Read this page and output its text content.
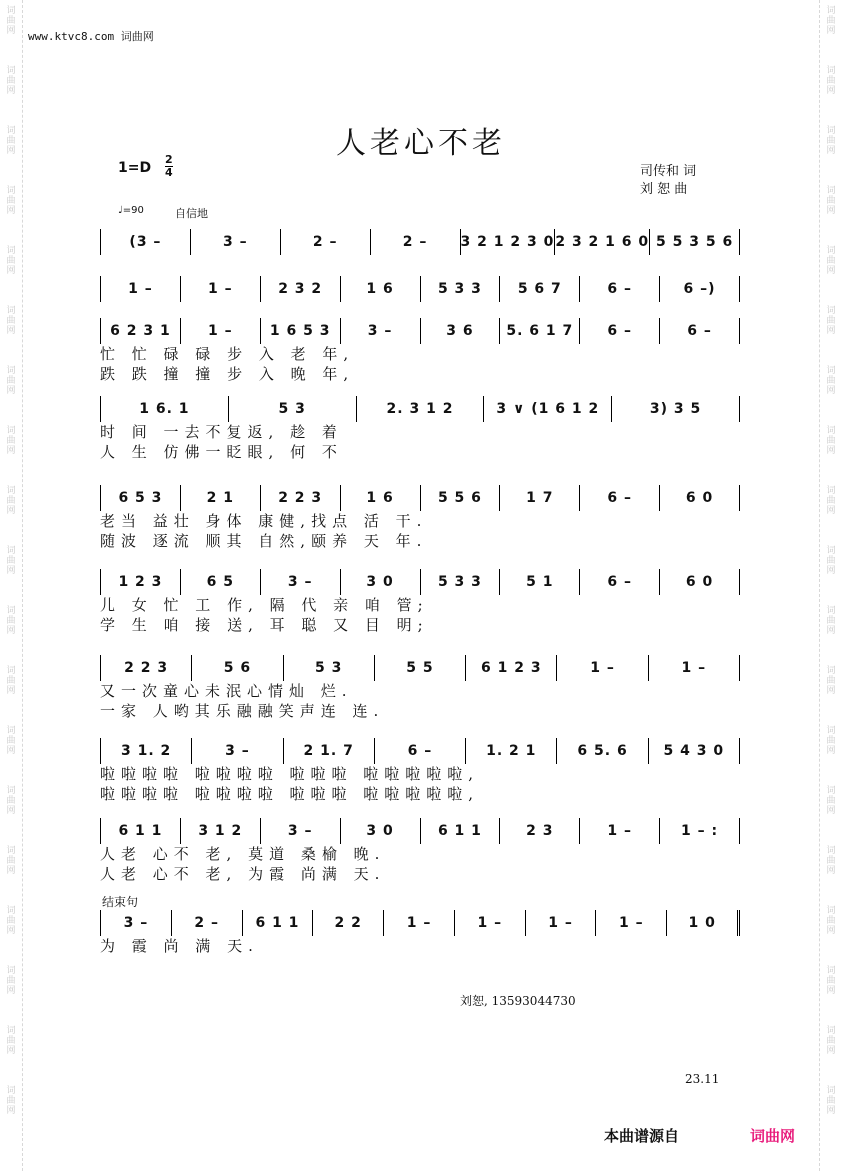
词
曲
网
词
曲
网
词
曲
网
词
曲
网
词
曲
网
词
曲
网
词
曲
网
词
曲
网
词
曲
网
词
曲
网
词
曲
网
词
曲
网
词
曲
网
词
曲
网
词
曲
网
词
曲
网
词
曲
网
词
曲
网
词
曲
网
词
曲
网
词
曲
网
词
曲
网
词
曲
网
词
曲
网
词
曲
网
词
曲
网
词
曲
网
词
曲
网
词
曲
网
词
曲
网
词
曲
网
词
曲
网
词
曲
网
词
曲
网
词
曲
网
词
曲
网
词
曲
网
词
曲
网
www.ktvc8.com 词曲网
人老心不老
1=D
2
4	司传和 词
刘 恕 曲
♩=90	自信地
(3 –	3 –	2 –	2 –	3 2 1 2 3 0 2 3 2 1 6 0 5 5 3 5 6
1 –	1 –	2 3 2	1 6	5 3 3	5 6 7	6 –	6 –)
6 2 3 1	1 –	1 6 5 3	3 –	3 6	5. 6 1 7	6 –	6 –
忙 忙 碌 碌 步 入 老 年,
跌 跌 撞 撞 步 入 晚 年,
1 6. 1	5 3	2. 3 1 2	3 ∨ (1 6 1 2	3) 3 5
时 间 一去不复返, 趁 着
人 生 仿佛一眨眼, 何 不
6 5 3	2 1	2 2 3	1 6	5 5 6	1 7	6 –	6 0
老当 益壮 身体 康健,找点 活 干.
随波 逐流 顺其 自然,颐养 天 年.
1 2 3	6 5	3 –	3 0	5 3 3	5 1	6 –	6 0
儿 女 忙 工 作, 隔 代 亲 咱 管;
学 生 咱 接 送, 耳 聪 又 目 明;
2 2 3	5 6	5 3	5 5	6 1 2 3	1 –	1 –
又一次童心未泯心情灿 烂.
一家 人哟其乐融融笑声连 连.
3 1. 2	3 –	2 1. 7	6 –	1. 2 1	6 5. 6	5 4 3 0
啦啦啦啦 啦啦啦啦 啦啦啦 啦啦啦啦啦,
啦啦啦啦 啦啦啦啦 啦啦啦 啦啦啦啦啦,
6 1 1	3 1 2	3 –	3 0	6 1 1	2 3	1 –	1 – :
人老 心不 老, 莫道 桑榆 晚.
人老 心不 老, 为霞 尚满 天.
3 –	2 –	6 1 1	2 2	1 –	1 –	1 –	1 –	1 0
为 霞 尚 满 天.
结束句
刘恕, 13593044730
23.11
本曲谱源自	词曲网
